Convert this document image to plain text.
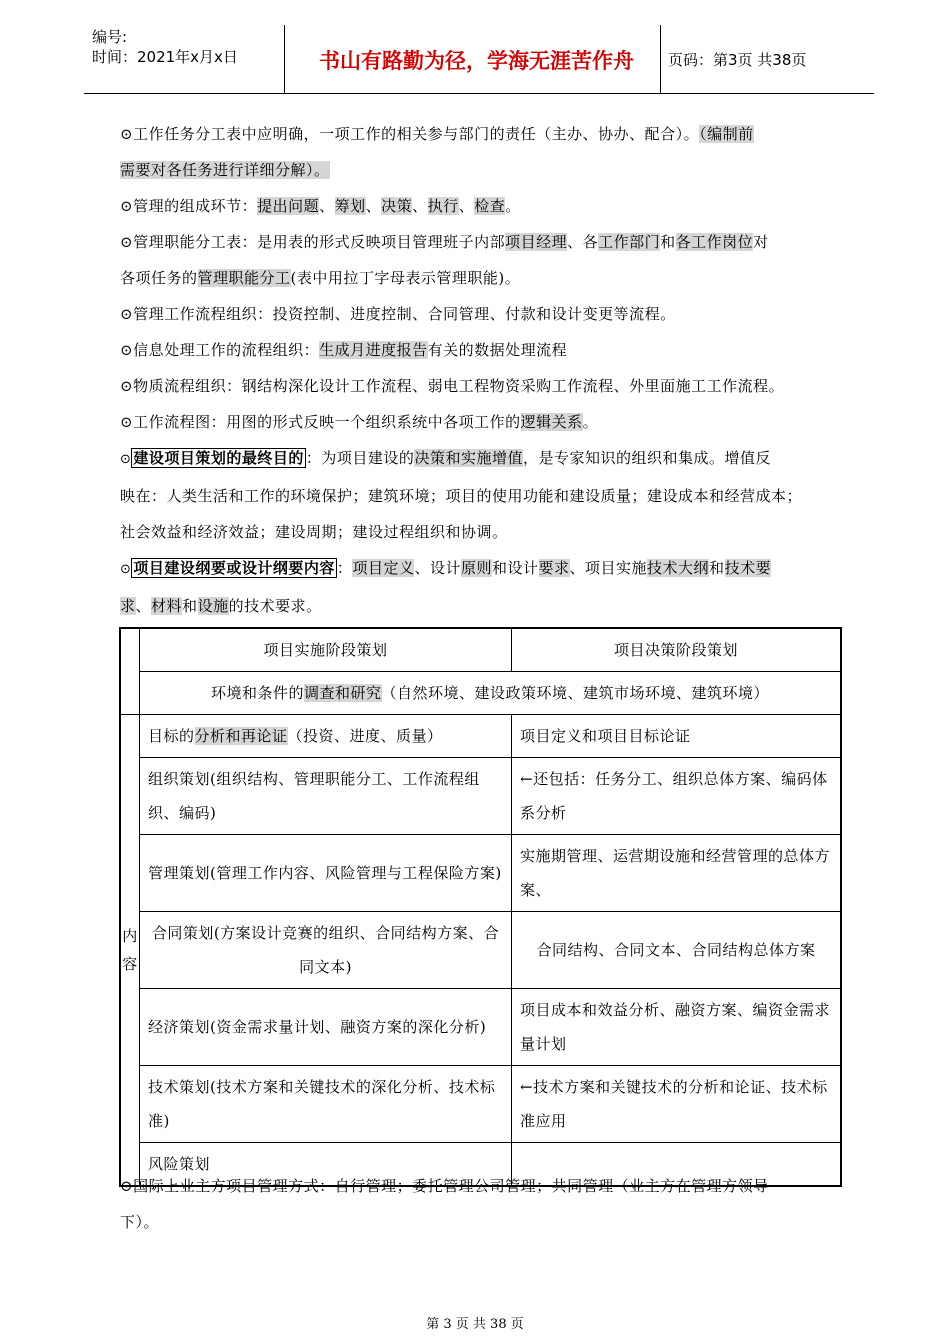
编号:
时间：2021年x月x日	书山有路勤为径，学海无涯苦作舟	页码：第3页 共38页
⊙工作任务分工表中应明确，一项工作的相关参与部门的责任（主办、协办、配合）。（编制前
需要对各任务进行详细分解）。
⊙管理的组成环节：提出问题、筹划、决策、执行、检查。
⊙管理职能分工表：是用表的形式反映项目管理班子内部项目经理、各工作部门和各工作岗位对
各项任务的管理职能分工(表中用拉丁字母表示管理职能)。
⊙管理工作流程组织：投资控制、进度控制、合同管理、付款和设计变更等流程。
⊙信息处理工作的流程组织：生成月进度报告有关的数据处理流程
⊙物质流程组织：钢结构深化设计工作流程、弱电工程物资采购工作流程、外里面施工工作流程。
⊙工作流程图：用图的形式反映一个组织系统中各项工作的逻辑关系。
⊙ 建设项目策划的最终目的 ：为项目建设的决策和实施增值，是专家知识的组织和集成。增值反
映在：人类生活和工作的环境保护；建筑环境；项目的使用功能和建设质量；建设成本和经营成本；
社会效益和经济效益；建设周期；建设过程组织和协调。
⊙ 项目建设纲要或设计纲要内容 ：项目定义、设计原则和设计要求、项目实施技术大纲和技术要
求、材料和设施的技术要求。
	项目实施阶段策划	项目决策阶段策划
	环境和条件的调查和研究（自然环境、建设政策环境、建筑市场环境、建筑环境）	

内
容	目标的分析和再论证（投资、进度、质量）	项目定义和项目目标论证
	组织策划(组织结构、管理职能分工、工作流程组织、编码)	←还包括：任务分工、组织总体方案、编码体系分析
	管理策划(管理工作内容、风险管理与工程保险方案)	实施期管理、运营期设施和经营管理的总体方案、
	合同策划(方案设计竞赛的组织、合同结构方案、合同文本)	合同结构、合同文本、合同结构总体方案
	经济策划(资金需求量计划、融资方案的深化分析)	项目成本和效益分析、融资方案、编资金需求量计划
	技术策划(技术方案和关键技术的深化分析、技术标准)	←技术方案和关键技术的分析和论证、技术标准应用
	风险策划	
⊙国际上业主方项目管理方式：自行管理；委托管理公司管理；共同管理（业主方在管理方领导
下）。
第 3 页 共 38 页
